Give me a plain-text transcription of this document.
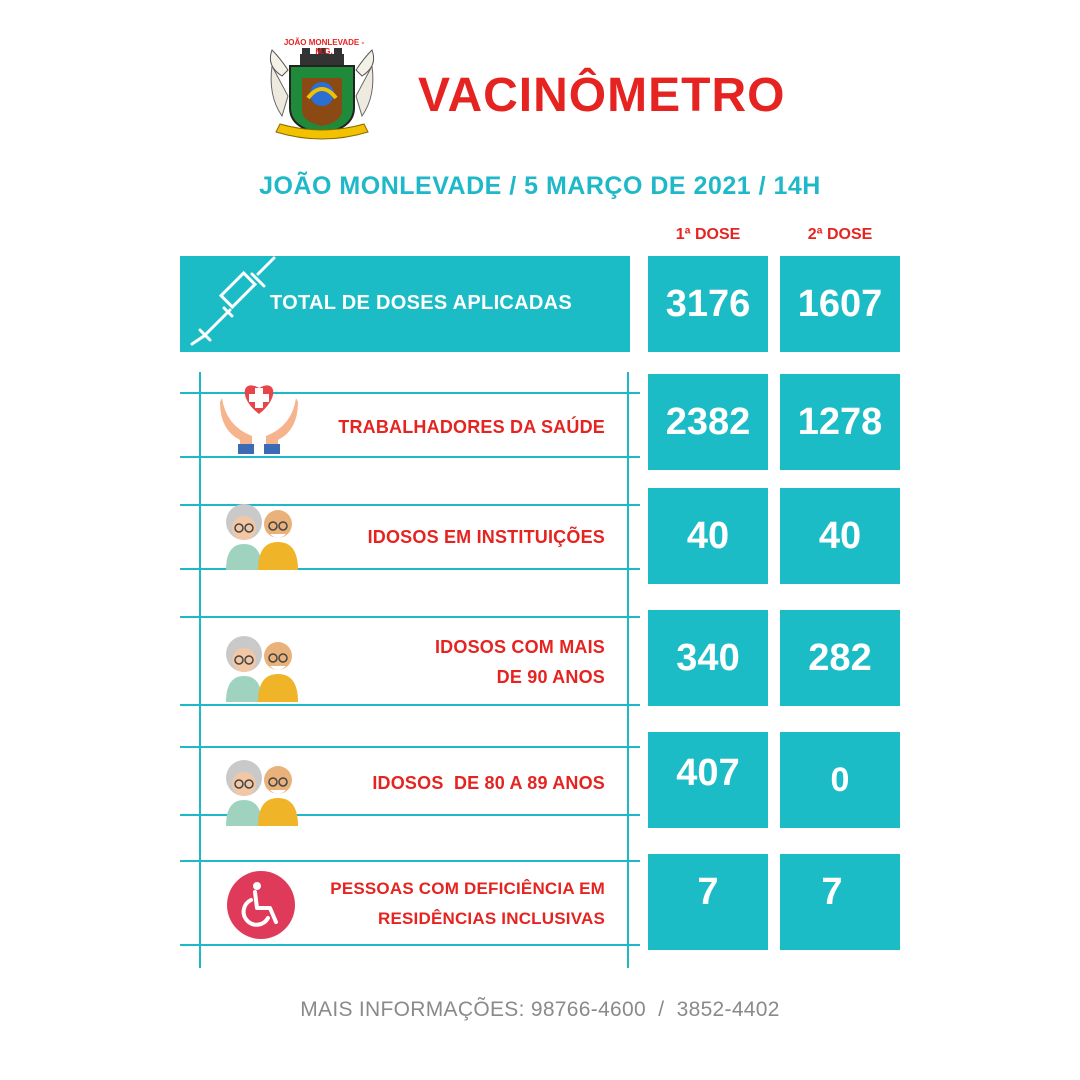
JOÃO MONLEVADE - M.G.
VACINÔMETRO
JOÃO MONLEVADE / 5 MARÇO DE 2021 / 14H
1ª DOSE	2ª DOSE
TOTAL DE DOSES APLICADAS 3176 1607
TRABALHADORES DA SAÚDE 2382 1278
IDOSOS EM INSTITUIÇÕES 40 40
IDOSOS COM MAIS
DE 90 ANOS 340 282
IDOSOS  DE 80 A 89 ANOS 407	0
PESSOAS COM DEFICIÊNCIA EM
RESIDÊNCIAS INCLUSIVAS
7	7
MAIS INFORMAÇÕES: 98766-4600  /  3852-4402
